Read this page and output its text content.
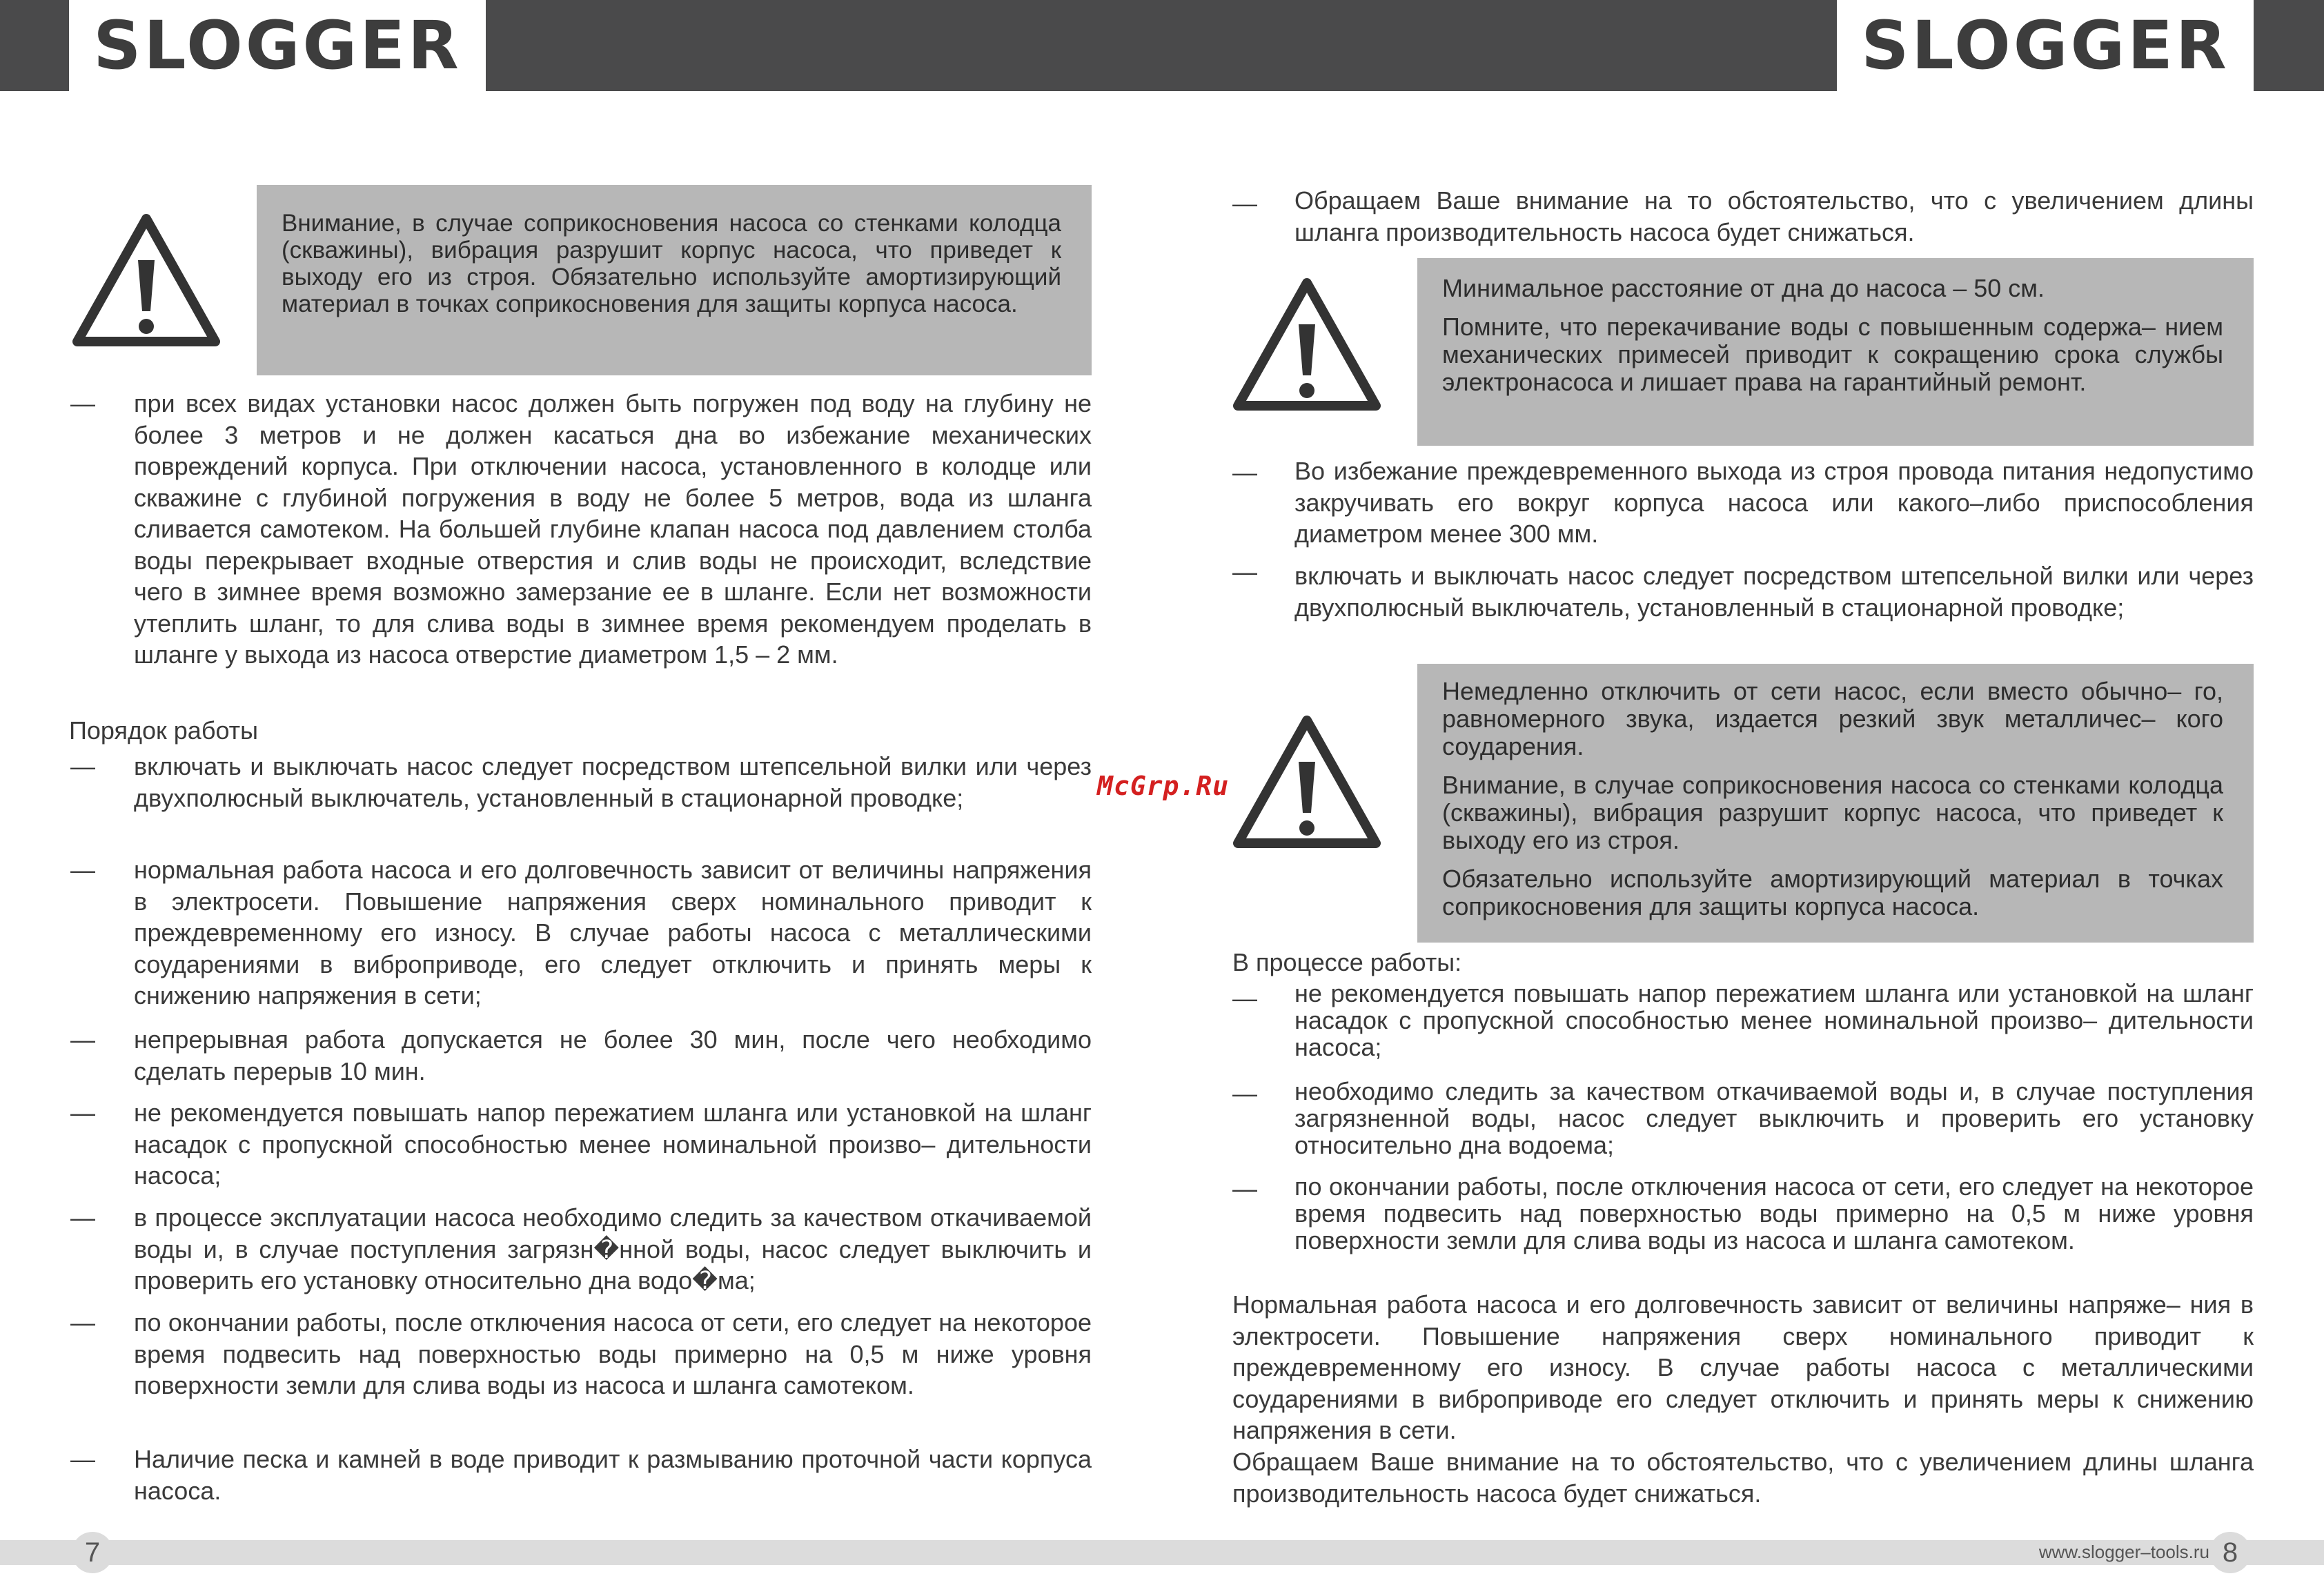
SLOGGER	SLOGGER

Внимание, в случае соприкосновения насоса со стенками колодца (скважины), вибрация разрушит корпус насоса, что приведет к выходу его из строя. Обязательно используйте амортизирующий материал в точках соприкосновения для защиты корпуса насоса.

— при всех видах установки насос должен быть погружен под воду на глубину не более 3 метров и не должен касаться дна во избежание механических повреждений корпуса. При отключении насоса, установленного в колодце или скважине с глубиной погружения в воду не более 5 метров, вода из шланга сливается самотеком. На большей глубине клапан насоса под давлением столба воды перекрывает входные отверстия и слив воды не происходит, вследствие чего в зимнее время возможно замерзание ее в шланге. Если нет возможности утеплить шланг, то для слива воды в зимнее время рекомендуем проделать в шланге у выхода из насоса отверстие диаметром 1,5 – 2 мм.
Порядок работы
— включать и выключать насос следует посредством штепсельной вилки или через двухполюсный выключатель, установленный в стационарной проводке;
— нормальная работа насоса и его долговечность зависит от величины напряжения в электросети. Повышение напряжения сверх номинального приводит к преждевременному его износу. В случае работы насоса с металлическими соударениями в виброприводе, его следует отключить и принять меры к снижению напряжения в сети;
— непрерывная работа допускается не более 30 мин, после чего необходимо сделать перерыв 10 мин.
— не рекомендуется повышать напор пережатием шланга или установкой на шланг насадок с пропускной способностью менее номинальной произво– дительности насоса;
— в процессе эксплуатации насоса необходимо следить за качеством откачиваемой воды и, в случае поступления загрязн�нной воды, насос следует выключить и проверить его установку относительно дна водо�ма;
— по окончании работы, после отключения насоса от сети, его следует на некоторое время подвесить над поверхностью воды примерно на 0,5 м ниже уровня поверхности земли для слива воды из насоса и шланга самотеком.
— Наличие песка и камней в воде приводит к размыванию проточной части корпуса насоса.
McGrp.Ru
— Обращаем Ваше внимание на то обстоятельство, что с увеличением длины шланга производительность насоса будет снижаться.

Минимальное расстояние от дна до насоса – 50 см.

Помните, что перекачивание воды с повышенным содержа– нием механических примесей приводит к сокращению срока службы электронасоса и лишает права на гарантийный ремонт.

— Во избежание преждевременного выхода из строя провода питания недопустимо закручивать его вокруг корпуса насоса или какого–либо приспособления диаметром менее 300 мм.
— включать и выключать насос следует посредством штепсельной вилки или через двухполюсный выключатель, установленный в стационарной проводке;

Немедленно отключить от сети насос, если вместо обычно– го, равномерного звука, издается резкий звук металличес– кого соударения.

Внимание, в случае соприкосновения насоса со стенками колодца (скважины), вибрация разрушит корпус насоса, что приведет к выходу его из строя.

Обязательно используйте амортизирующий материал в точках соприкосновения для защиты корпуса насоса.

В процессе работы:
— не рекомендуется повышать напор пережатием шланга или установкой на шланг насадок с пропускной способностью менее номинальной произво– дительности насоса;
— необходимо следить за качеством откачиваемой воды и, в случае поступления загрязненной воды, насос следует выключить и проверить его установку относительно дна водоема;
— по окончании работы, после отключения насоса от сети, его следует на некоторое время подвесить над поверхностью воды примерно на 0,5 м ниже уровня поверхности земли для слива воды из насоса и шланга самотеком.
Нормальная работа насоса и его долговечность зависит от величины напряже– ния в электросети. Повышение напряжения сверх номинального приводит к преждевременному его износу. В случае работы насоса с металлическими соударениями в виброприводе его следует отключить и принять меры к снижению напряжения в сети.
Обращаем Ваше внимание на то обстоятельство, что с увеличением длины шланга производительность насоса будет снижаться.
7	www.slogger–tools.ru 8
